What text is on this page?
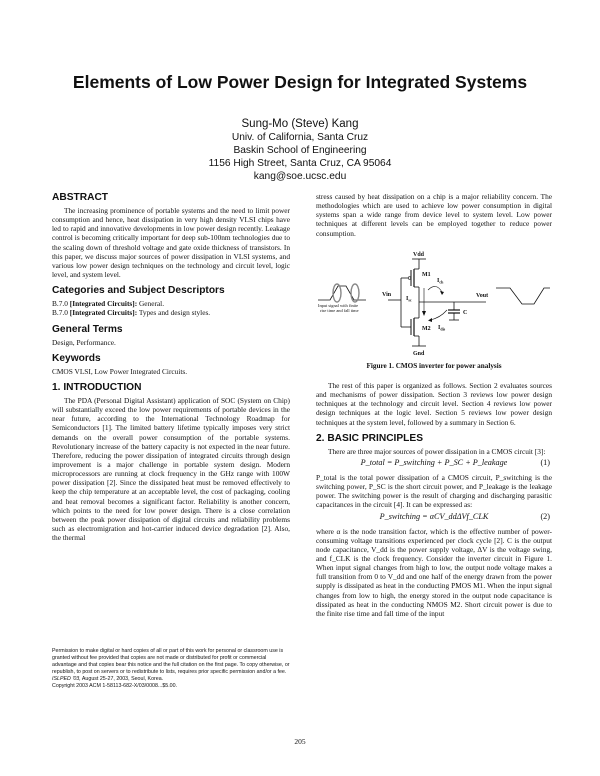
Elements of Low Power Design for Integrated Systems
Sung-Mo (Steve) Kang
Univ. of California, Santa Cruz
Baskin School of Engineering
1156 High Street, Santa Cruz, CA 95064
kang@soe.ucsc.edu
ABSTRACT

The increasing prominence of portable systems and the need to limit power consumption and hence, heat dissipation in very high density VLSI chips have led to rapid and innovative developments in low power design recently. Leakage control is becoming critically important for deep sub-100nm technologies due to the scaling down of threshold voltage and gate oxide thickness of transistors. In this paper, we discuss major sources of power dissipation in VLSI systems, and various low power design techniques on the technology and circuit level, logic level, and system level.

Categories and Subject Descriptors

B.7.0 [Integrated Circuits]: General.

B.7.0 [Integrated Circuits]: Types and design styles.

General Terms

Design, Performance.

Keywords

CMOS VLSI, Low Power Integrated Circuits.

1. INTRODUCTION

The PDA (Personal Digital Assistant) application of SOC (System on Chip) will substantially exceed the low power requirements of portable devices in the near future, according to the International Technology Roadmap for Semiconductors [1]. The limited battery lifetime typically imposes very strict demands on the overall power consumption of the portable systems. Revolutionary increase of the battery capacity is not expected in the near future. Therefore, reducing the power dissipation of integrated circuits through design improvement is a major challenge in portable system design. Modern microprocessors are running at clock frequency in the GHz range with 100W power dissipation [2]. Since the dissipated heat must be removed effectively to keep the chip temperature at an acceptable level, the cost of packaging, cooling and heat removal becomes a significant factor. Reliability is another concern, which points to the need for low power design. There is a close correlation between the peak power dissipation of digital circuits and reliability problems such as electromigration and hot-carrier induced device degradation [2]. Also, the thermal

Permission to make digital or hard copies of all or part of this work for personal or classroom use is granted without fee provided that copies are not made or distributed for profit or commercial advantage and that copies bear this notice and the full citation on the first page. To copy otherwise, or republish, to post on servers or to redistribute to lists, requires prior specific permission and/or a fee.

ISLPED '03, August 25-27, 2003, Seoul, Korea.

Copyright 2003 ACM 1-58113-682-X/03/0008...$5.00.

stress caused by heat dissipation on a chip is a major reliability concern. The methodologies which are used to achieve low power consumption in digital systems span a wide range from device level to system level. Low power techniques at different levels can be employed together to reduce power consumption.

Input signal with finite
rise time and fall time
Vdd
Gnd
M1
Vout
M2
Vin
$I_{sc}$
C
$I_{ch}$
$I_{dis}$
Figure 1. CMOS inverter for power analysis

The rest of this paper is organized as follows. Section 2 evaluates sources and mechanisms of power dissipation. Section 3 reviews low power design techniques at the technology and circuit level. Section 4 reviews low power design techniques at the logic level. Section 5 reviews low power design techniques at the system level, followed by a summary in Section 6.

2. BASIC PRINCIPLES

There are three major sources of power dissipation in a CMOS circuit [3]:

P_total = P_switching + P_SC + P_leakage	(1)

P_total is the total power dissipation of a CMOS circuit, P_switching is the switching power, P_SC is the short circuit power, and P_leakage is the leakage power. The switching power is the result of charging and discharging parasitic capacitances in the circuit [4]. It can be expressed as:

P_switching = αCV_ddΔVf_CLK	(2)

where α is the node transition factor, which is the effective number of power-consuming voltage transitions experienced per clock cycle [2]. C is the output node capacitance, V_dd is the power supply voltage, ΔV is the voltage swing, and f_CLK is the clock frequency. Consider the inverter circuit in Figure 1. When input signal changes from high to low, the output node voltage makes a full transition from 0 to V_dd and one half of the energy drawn from the power supply is dissipated as heat in the conducting PMOS M1. When the input signal changes from low to high, the energy stored in the output node capacitance is dissipated as heat in the conducting NMOS M2. Short circuit power is due to the finite rise time and fall time of the input

205
